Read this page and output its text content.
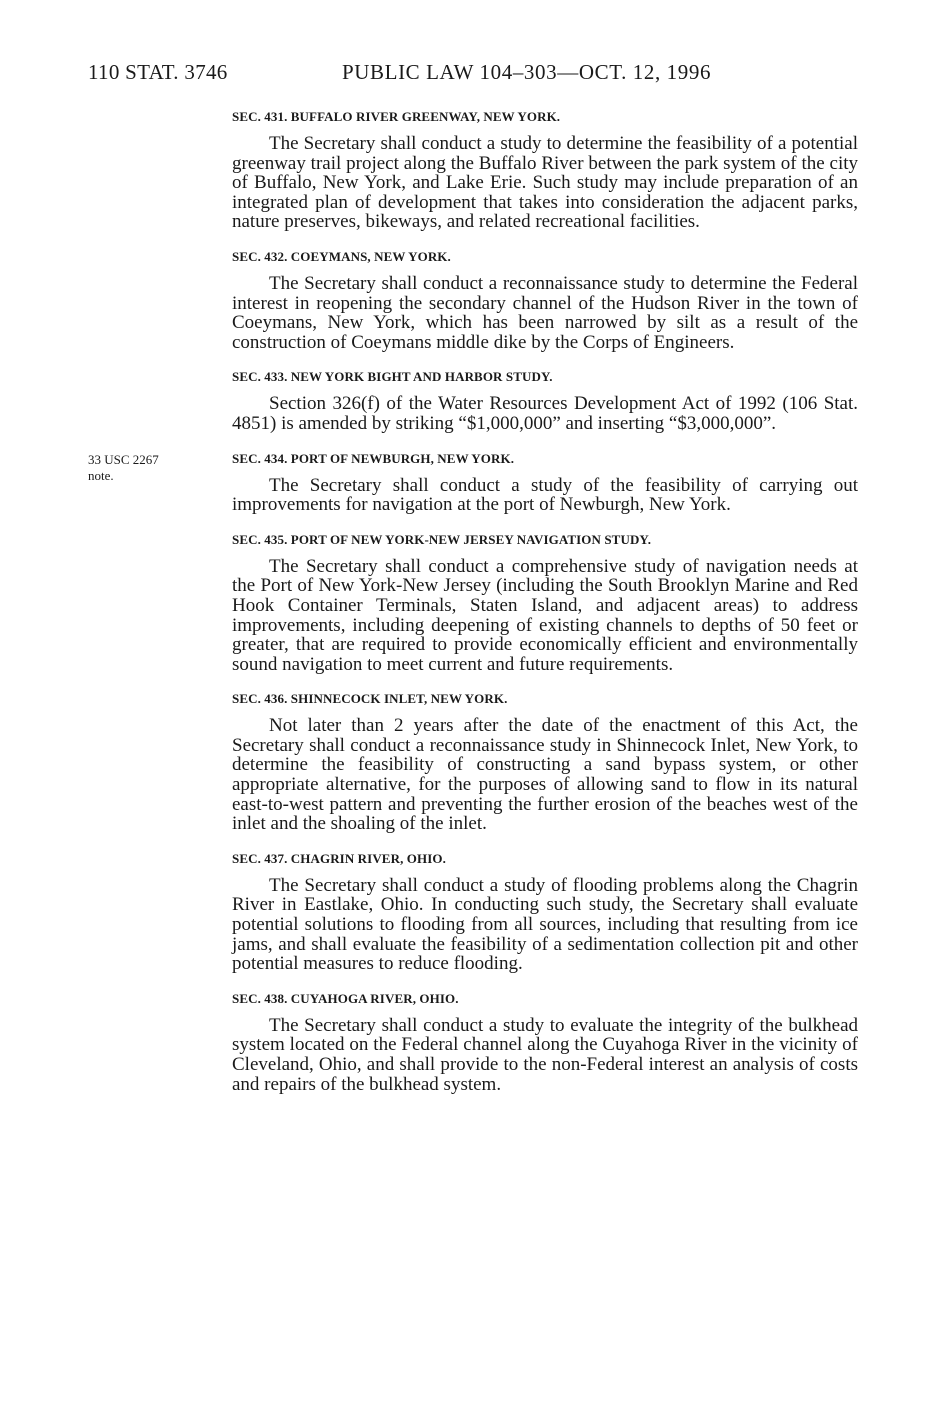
110 STAT. 3746	PUBLIC LAW 104–303—OCT. 12, 1996
33 USC 2267
note.
SEC. 431. BUFFALO RIVER GREENWAY, NEW YORK.

The Secretary shall conduct a study to determine the feasibility of a potential greenway trail project along the Buffalo River between the park system of the city of Buffalo, New York, and Lake Erie. Such study may include preparation of an integrated plan of development that takes into consideration the adjacent parks, nature preserves, bikeways, and related recreational facilities.

SEC. 432. COEYMANS, NEW YORK.

The Secretary shall conduct a reconnaissance study to determine the Federal interest in reopening the secondary channel of the Hudson River in the town of Coeymans, New York, which has been narrowed by silt as a result of the construction of Coeymans middle dike by the Corps of Engineers.

SEC. 433. NEW YORK BIGHT AND HARBOR STUDY.

Section 326(f) of the Water Resources Development Act of 1992 (106 Stat. 4851) is amended by striking “$1,000,000” and inserting “$3,000,000”.

SEC. 434. PORT OF NEWBURGH, NEW YORK.

The Secretary shall conduct a study of the feasibility of carrying out improvements for navigation at the port of Newburgh, New York.

SEC. 435. PORT OF NEW YORK-NEW JERSEY NAVIGATION STUDY.

The Secretary shall conduct a comprehensive study of navigation needs at the Port of New York-New Jersey (including the South Brooklyn Marine and Red Hook Container Terminals, Staten Island, and adjacent areas) to address improvements, including deepening of existing channels to depths of 50 feet or greater, that are required to provide economically efficient and environmentally sound navigation to meet current and future requirements.

SEC. 436. SHINNECOCK INLET, NEW YORK.

Not later than 2 years after the date of the enactment of this Act, the Secretary shall conduct a reconnaissance study in Shinnecock Inlet, New York, to determine the feasibility of constructing a sand bypass system, or other appropriate alternative, for the purposes of allowing sand to flow in its natural east-to-west pattern and preventing the further erosion of the beaches west of the inlet and the shoaling of the inlet.

SEC. 437. CHAGRIN RIVER, OHIO.

The Secretary shall conduct a study of flooding problems along the Chagrin River in Eastlake, Ohio. In conducting such study, the Secretary shall evaluate potential solutions to flooding from all sources, including that resulting from ice jams, and shall evaluate the feasibility of a sedimentation collection pit and other potential measures to reduce flooding.

SEC. 438. CUYAHOGA RIVER, OHIO.

The Secretary shall conduct a study to evaluate the integrity of the bulkhead system located on the Federal channel along the Cuyahoga River in the vicinity of Cleveland, Ohio, and shall provide to the non-Federal interest an analysis of costs and repairs of the bulkhead system.
